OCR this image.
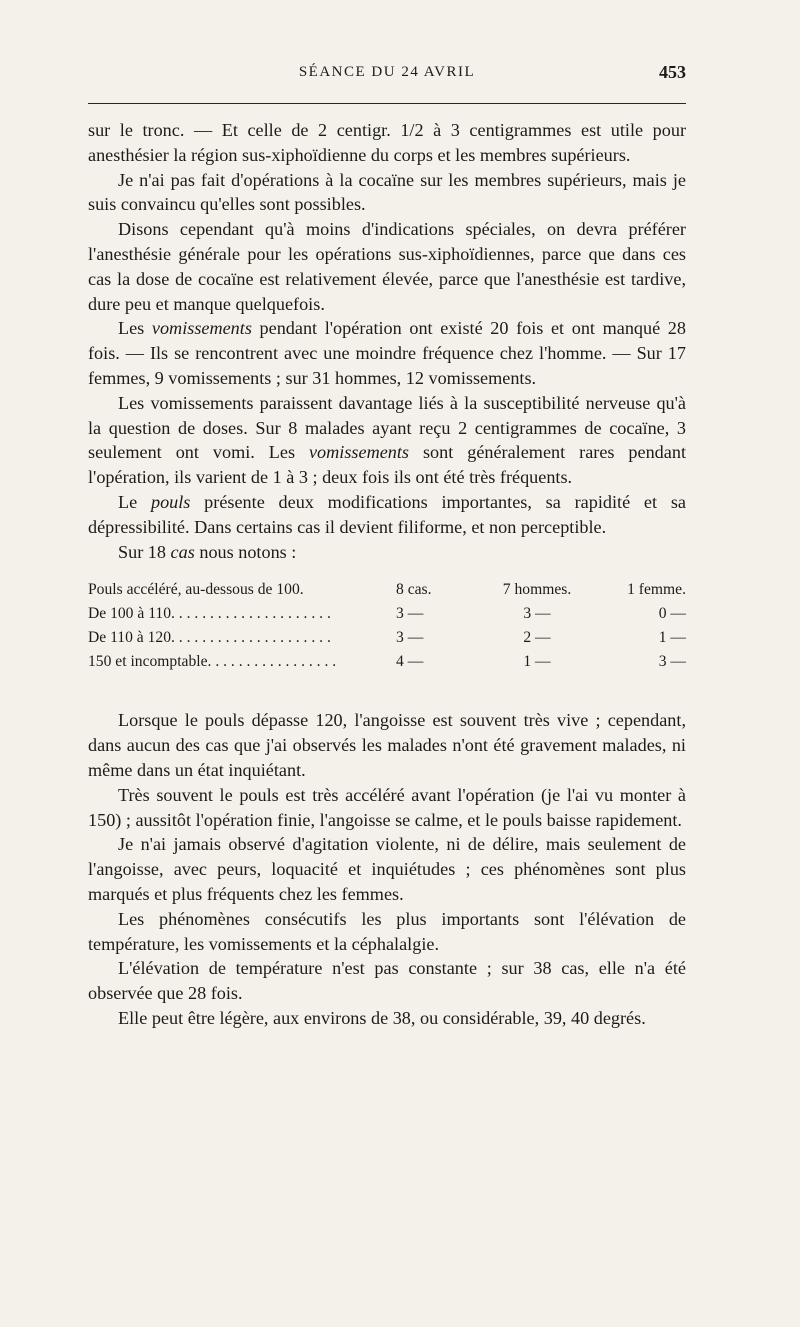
SÉANCE DU 24 AVRIL	453

sur le tronc. — Et celle de 2 centigr. 1/2 à 3 centigrammes est utile pour anesthésier la région sus-xiphoïdienne du corps et les membres supérieurs.

Je n'ai pas fait d'opérations à la cocaïne sur les membres supérieurs, mais je suis convaincu qu'elles sont possibles.

Disons cependant qu'à moins d'indications spéciales, on devra préférer l'anesthésie générale pour les opérations sus-xiphoïdiennes, parce que dans ces cas la dose de cocaïne est relativement élevée, parce que l'anesthésie est tardive, dure peu et manque quelquefois.

Les vomissements pendant l'opération ont existé 20 fois et ont manqué 28 fois. — Ils se rencontrent avec une moindre fréquence chez l'homme. — Sur 17 femmes, 9 vomissements ; sur 31 hommes, 12 vomissements.

Les vomissements paraissent davantage liés à la susceptibilité nerveuse qu'à la question de doses. Sur 8 malades ayant reçu 2 centigrammes de cocaïne, 3 seulement ont vomi. Les vomissements sont généralement rares pendant l'opération, ils varient de 1 à 3 ; deux fois ils ont été très fréquents.

Le pouls présente deux modifications importantes, sa rapidité et sa dépressibilité. Dans certains cas il devient filiforme, et non perceptible.

Sur 18 cas nous notons :

Pouls accéléré, au-dessous de 100.	8 cas.	7 hommes.	1 femme.
De 100 à 110. . . . . . . . . . . . . . . . . . . . .	3 —	3 —	0 —
De 110 à 120. . . . . . . . . . . . . . . . . . . . .	3 —	2 —	1 —
150 et incomptable. . . . . . . . . . . . . . . . .	4 —	1 —	3 —

Lorsque le pouls dépasse 120, l'angoisse est souvent très vive ; cependant, dans aucun des cas que j'ai observés les malades n'ont été gravement malades, ni même dans un état inquiétant.

Très souvent le pouls est très accéléré avant l'opération (je l'ai vu monter à 150) ; aussitôt l'opération finie, l'angoisse se calme, et le pouls baisse rapidement.

Je n'ai jamais observé d'agitation violente, ni de délire, mais seulement de l'angoisse, avec peurs, loquacité et inquiétudes ; ces phénomènes sont plus marqués et plus fréquents chez les femmes.

Les phénomènes consécutifs les plus importants sont l'élévation de température, les vomissements et la céphalalgie.

L'élévation de température n'est pas constante ; sur 38 cas, elle n'a été observée que 28 fois.

Elle peut être légère, aux environs de 38, ou considérable, 39, 40 degrés.
